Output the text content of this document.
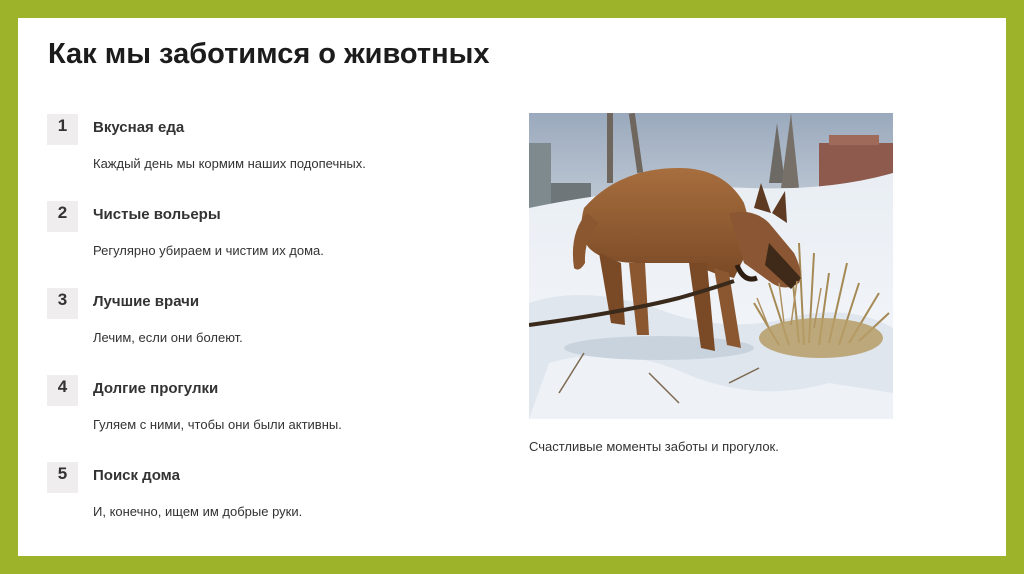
Как мы заботимся о животных
1	Вкусная еда
Каждый день мы кормим наших подопечных.
2	Чистые вольеры
Регулярно убираем и чистим их дома.
3	Лучшие врачи
Лечим, если они болеют.
4	Долгие прогулки
Гуляем с ними, чтобы они были активны.
5	Поиск дома
И, конечно, ищем им добрые руки.
Счастливые моменты заботы и прогулок.
